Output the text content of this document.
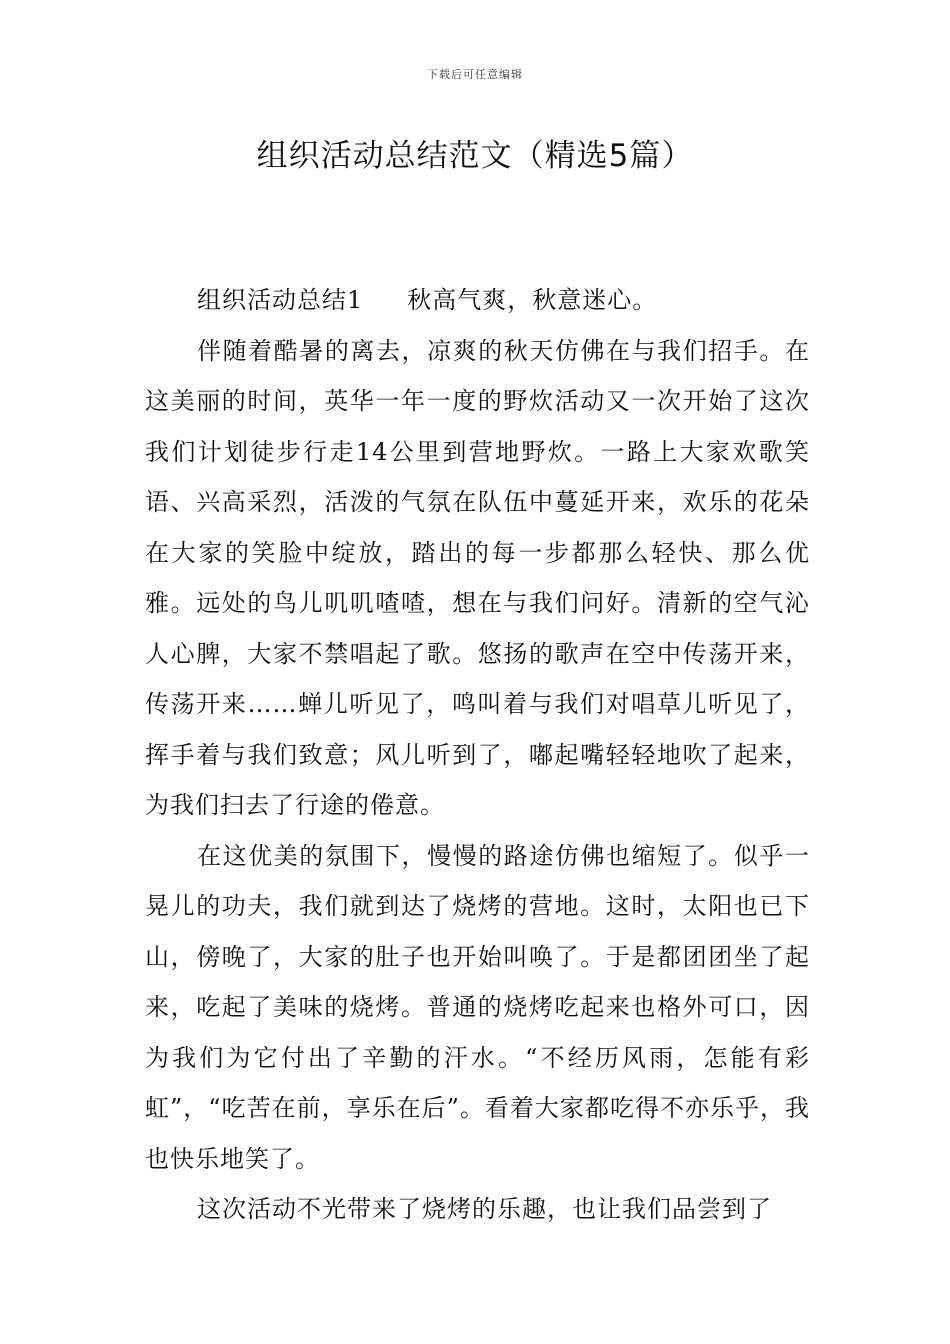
下载后可任意编辑
组织活动总结范文（精选5篇）

组织活动总结1 秋高气爽，秋意迷心。

伴随着酷暑的离去，凉爽的秋天仿佛在与我们招手。在这美丽的时间，英华一年一度的野炊活动又一次开始了这次我们计划徒步行走14公里到营地野炊。一路上大家欢歌笑语、兴高采烈，活泼的气氛在队伍中蔓延开来，欢乐的花朵在大家的笑脸中绽放，踏出的每一步都那么轻快、那么优雅。远处的鸟儿叽叽喳喳，想在与我们问好。清新的空气沁人心脾，大家不禁唱起了歌。悠扬的歌声在空中传荡开来，传荡开来……蝉儿听见了，鸣叫着与我们对唱草儿听见了，挥手着与我们致意；风儿听到了，嘟起嘴轻轻地吹了起来，为我们扫去了行途的倦意。

在这优美的氛围下，慢慢的路途仿佛也缩短了。似乎一晃儿的功夫，我们就到达了烧烤的营地。这时，太阳也已下山，傍晚了，大家的肚子也开始叫唤了。于是都团团坐了起来，吃起了美味的烧烤。普通的烧烤吃起来也格外可口，因为我们为它付出了辛勤的汗水。“不经历风雨，怎能有彩虹”，“吃苦在前，享乐在后”。看着大家都吃得不亦乐乎，我也快乐地笑了。

这次活动不光带来了烧烤的乐趣，也让我们品尝到了
